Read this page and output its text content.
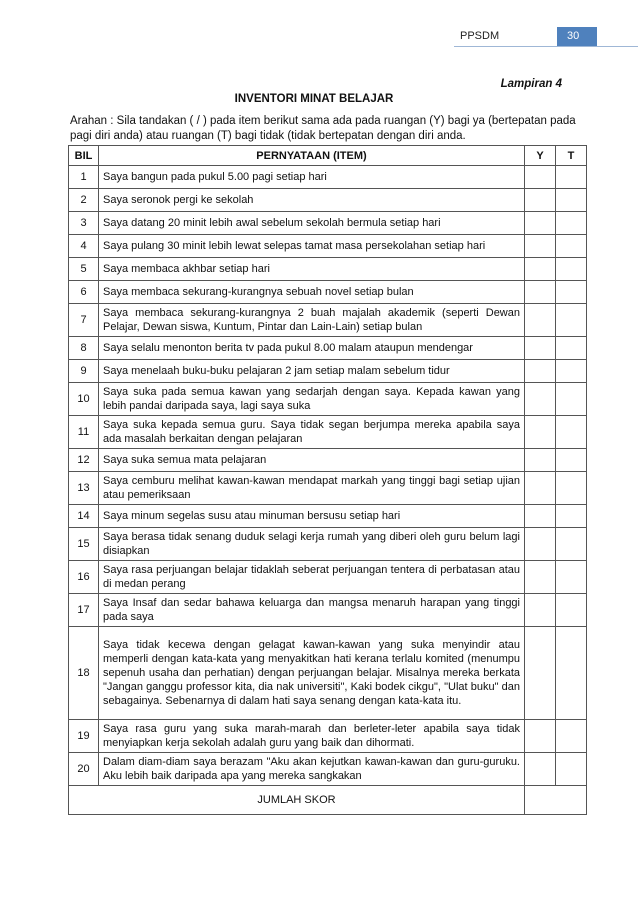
PPSDM	30
Lampiran 4
INVENTORI MINAT BELAJAR
Arahan : Sila tandakan ( / ) pada item berikut sama ada pada ruangan (Y) bagi ya (bertepatan pada pagi diri anda) atau ruangan (T) bagi tidak (tidak bertepatan dengan diri anda.
BIL	PERNYATAAN (ITEM)	Y	T
1	Saya bangun pada pukul 5.00 pagi setiap hari		
2	Saya seronok pergi ke sekolah		
3	Saya datang 20 minit lebih awal sebelum sekolah bermula setiap hari		
4	Saya pulang 30 minit lebih lewat selepas tamat masa persekolahan setiap hari		
5	Saya membaca akhbar setiap hari		
6	Saya membaca sekurang-kurangnya sebuah novel setiap bulan		
7	Saya membaca sekurang-kurangnya 2 buah majalah akademik (seperti Dewan Pelajar, Dewan siswa, Kuntum, Pintar dan Lain-Lain) setiap bulan		
8	Saya selalu menonton berita tv pada pukul 8.00 malam ataupun mendengar		
9	Saya menelaah buku-buku pelajaran 2 jam setiap malam sebelum tidur		
10	Saya suka pada semua kawan yang sedarjah dengan saya. Kepada kawan yang lebih pandai daripada saya, lagi saya suka		
11	Saya suka kepada semua guru. Saya tidak segan berjumpa mereka apabila saya ada masalah berkaitan dengan pelajaran		
12	Saya suka semua mata pelajaran		
13	Saya cemburu melihat kawan-kawan mendapat markah yang tinggi bagi setiap ujian atau pemeriksaan		
14	Saya minum segelas susu atau minuman bersusu setiap hari		
15	Saya berasa tidak senang duduk selagi kerja rumah yang diberi oleh guru belum lagi disiapkan		
16	Saya rasa perjuangan belajar tidaklah seberat perjuangan tentera di perbatasan atau di medan perang		
17	Saya Insaf dan sedar bahawa keluarga dan mangsa menaruh harapan yang tinggi pada saya		
18	Saya tidak kecewa dengan gelagat kawan-kawan yang suka menyindir atau memperli dengan kata-kata yang menyakitkan hati kerana terlalu komited (menumpu sepenuh usaha dan perhatian) dengan perjuangan belajar. Misalnya mereka berkata "Jangan ganggu professor kita, dia nak universiti", Kaki bodek cikgu", "Ulat buku" dan sebagainya. Sebenarnya di dalam hati saya senang dengan kata-kata itu.		
19	Saya rasa guru yang suka marah-marah dan berleter-leter apabila saya tidak menyiapkan kerja sekolah adalah guru yang baik dan dihormati.		
20	Dalam diam-diam saya berazam "Aku akan kejutkan kawan-kawan dan guru-guruku. Aku lebih baik daripada apa yang mereka sangkakan		
JUMLAH SKOR			
